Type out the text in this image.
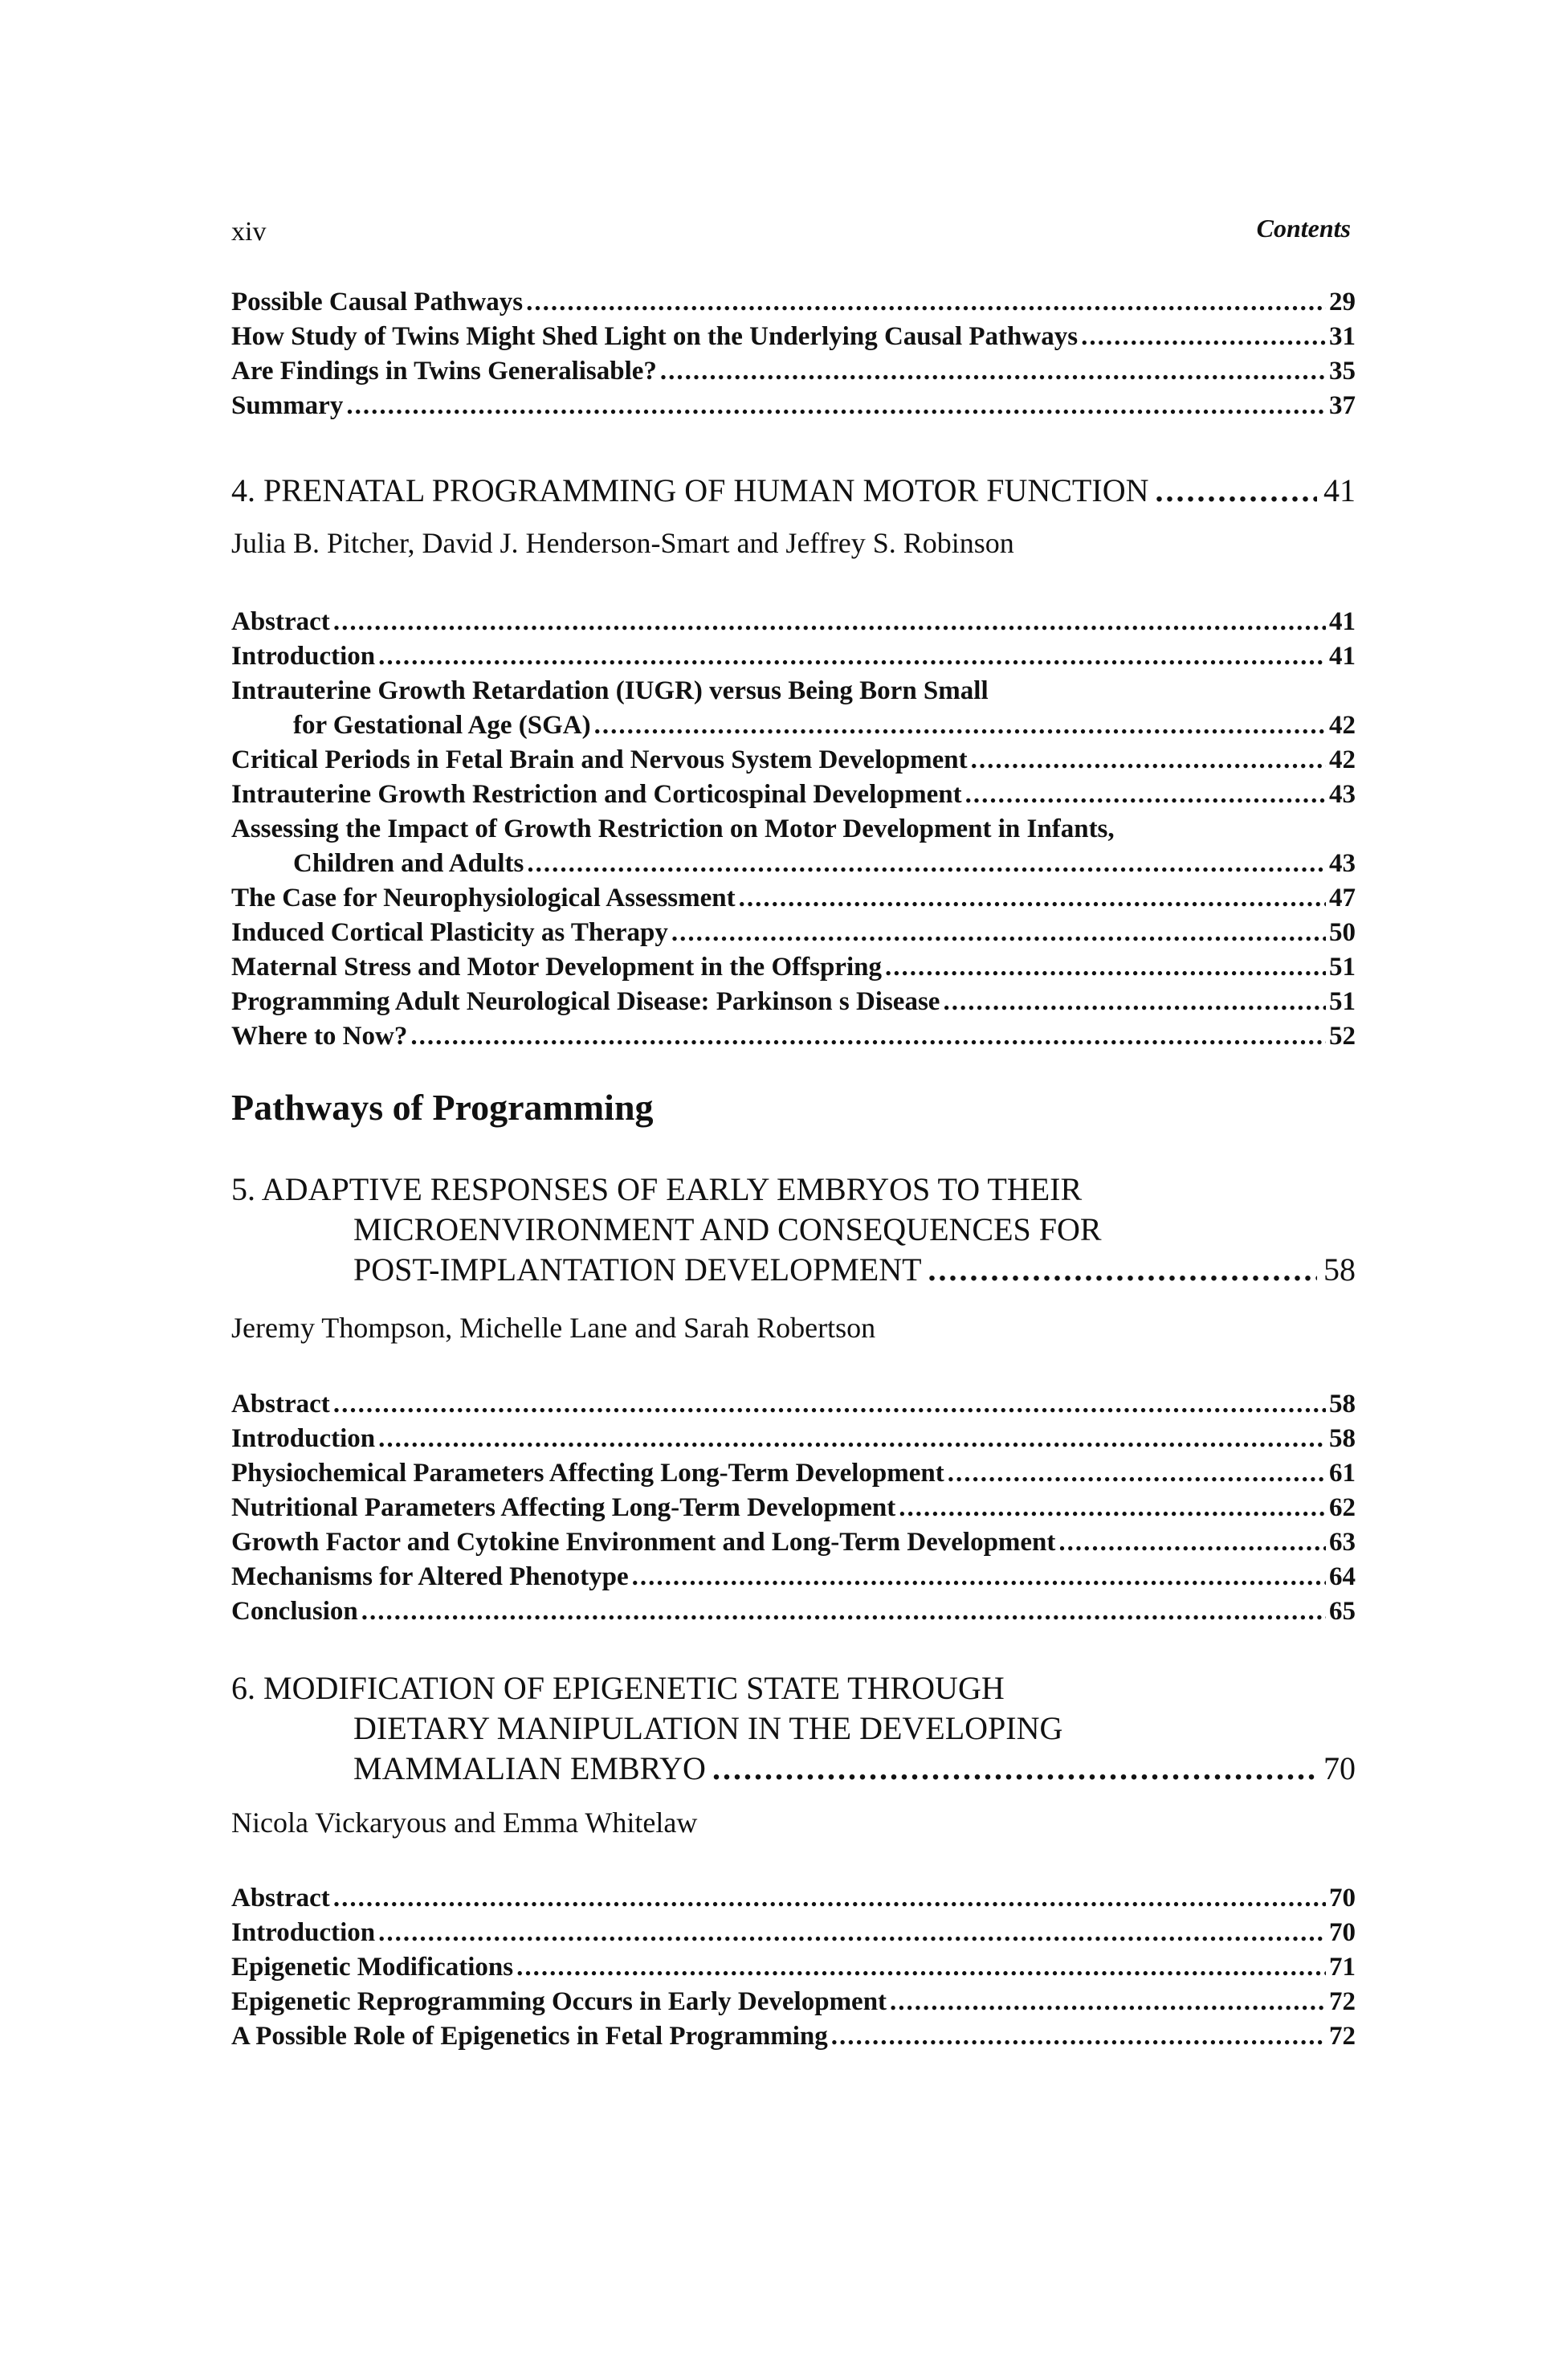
xiv	Contents
Possible Causal Pathways .....	29
How Study of Twins Might Shed Light on the Underlying Causal Pathways .....	31
Are Findings in Twins Generalisable? .....	35
Summary .....	37
4. PRENATAL PROGRAMMING OF HUMAN MOTOR FUNCTION .....	41
Julia B. Pitcher, David J. Henderson-Smart and Jeffrey S. Robinson
Abstract .....	41
Introduction .....	41
Intrauterine Growth Retardation (IUGR) versus Being Born Small
for Gestational Age (SGA) .....	42
Critical Periods in Fetal Brain and Nervous System Development .....	42
Intrauterine Growth Restriction and Corticospinal Development .....	43
Assessing the Impact of Growth Restriction on Motor Development in Infants,
Children and Adults .....	43
The Case for Neurophysiological Assessment .....	47
Induced Cortical Plasticity as Therapy .....	50
Maternal Stress and Motor Development in the Offspring .....	51
Programming Adult Neurological Disease: Parkinson s Disease .....	51
Where to Now? .....	52
Pathways of Programming
5. ADAPTIVE RESPONSES OF EARLY EMBRYOS TO THEIR
MICROENVIRONMENT AND CONSEQUENCES FOR
POST-IMPLANTATION DEVELOPMENT .....	58
Jeremy Thompson, Michelle Lane and Sarah Robertson
Abstract .....	58
Introduction .....	58
Physiochemical Parameters Affecting Long-Term Development .....	61
Nutritional Parameters Affecting Long-Term Development .....	62
Growth Factor and Cytokine Environment and Long-Term Development .....	63
Mechanisms for Altered Phenotype .....	64
Conclusion .....	65
6. MODIFICATION OF EPIGENETIC STATE THROUGH
DIETARY MANIPULATION IN THE DEVELOPING
MAMMALIAN EMBRYO .....	70
Nicola Vickaryous and Emma Whitelaw
Abstract .....	70
Introduction .....	70
Epigenetic Modifications .....	71
Epigenetic Reprogramming Occurs in Early Development .....	72
A Possible Role of Epigenetics in Fetal Programming .....	72
